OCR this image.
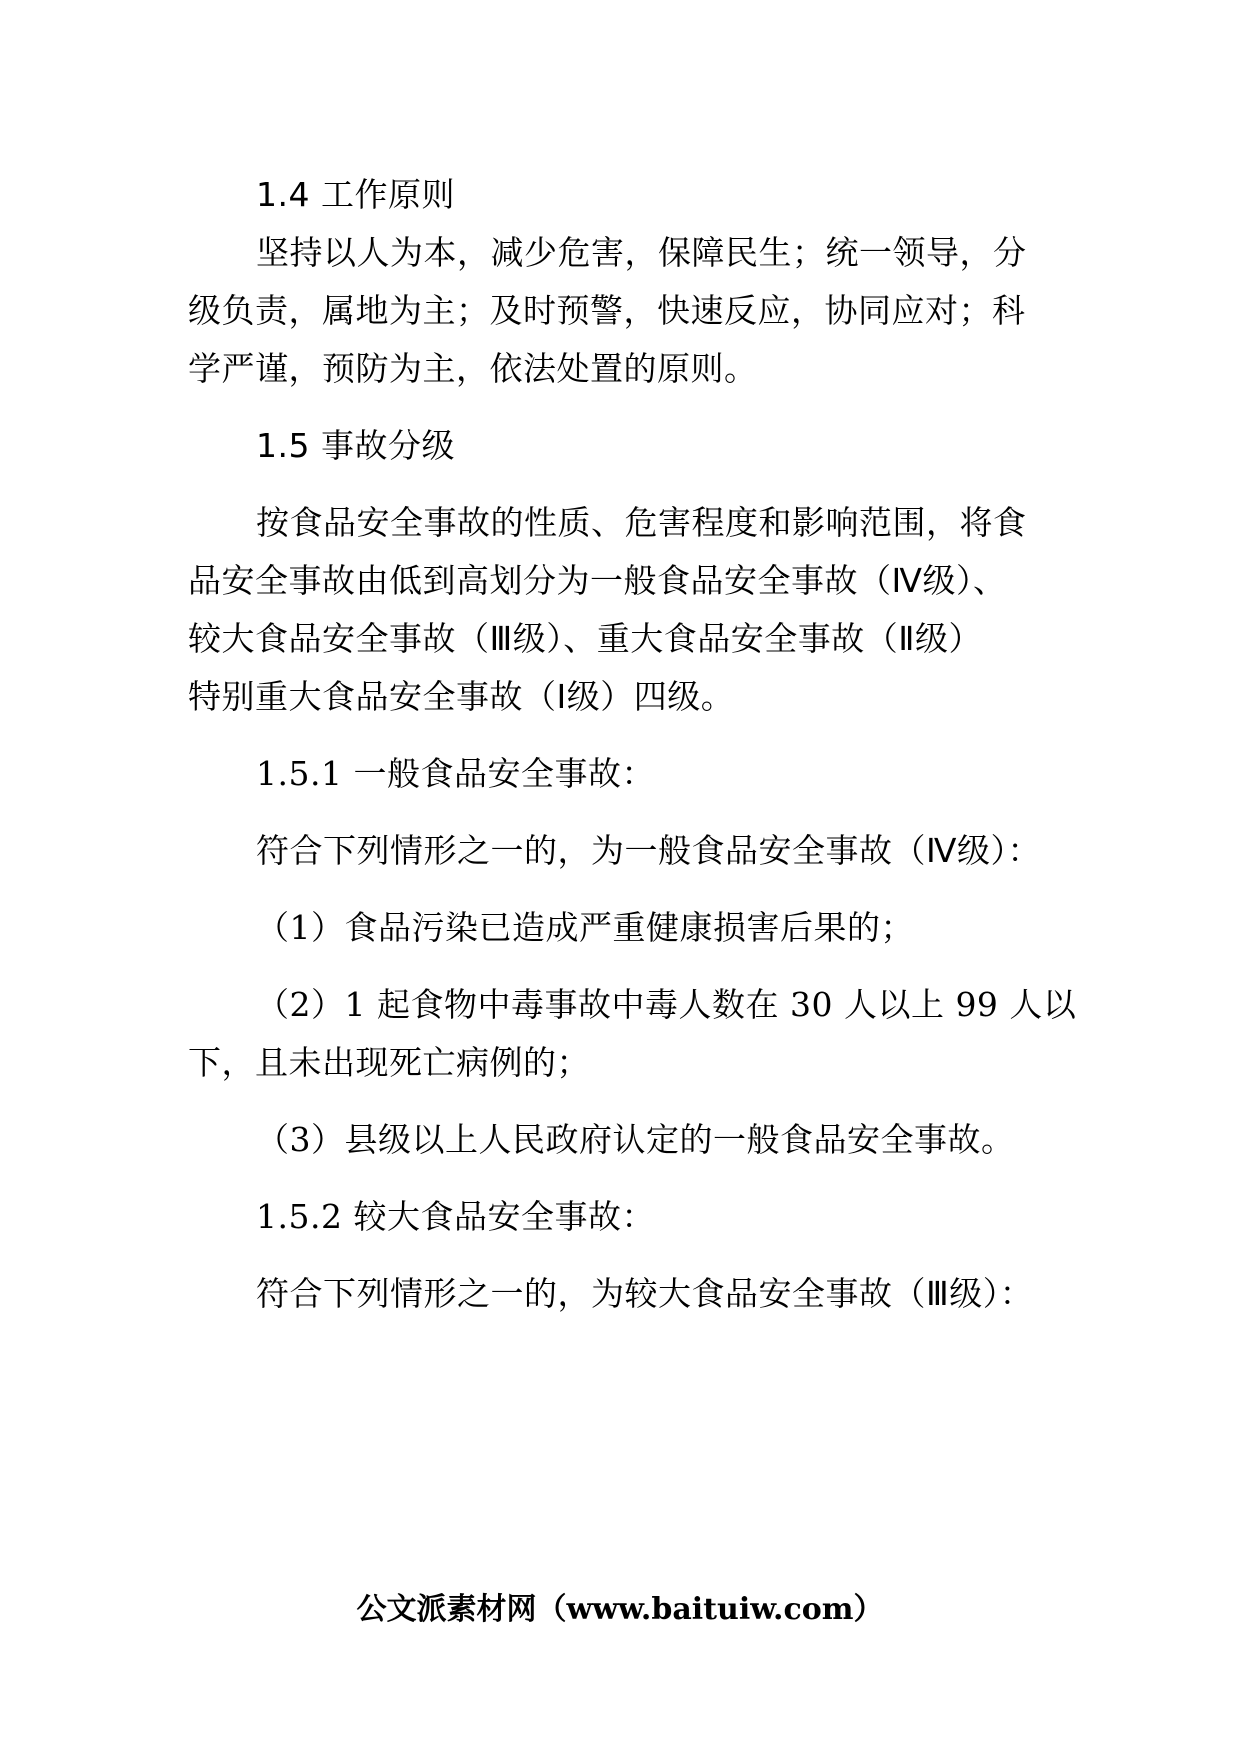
1.4 工作原则
坚持以人为本，减少危害，保障民生；统一领导，分
级负责，属地为主；及时预警，快速反应，协同应对；科
学严谨，预防为主，依法处置的原则。
1.5 事故分级
按食品安全事故的性质、危害程度和影响范围，将食
品安全事故由低到高划分为一般食品安全事故（Ⅳ级）、
较大食品安全事故（Ⅲ级）、重大食品安全事故（Ⅱ级）
特别重大食品安全事故（Ⅰ级）四级。
1.5.1 一般食品安全事故：
符合下列情形之一的，为一般食品安全事故（Ⅳ级）：
（1）食品污染已造成严重健康损害后果的；
（2）1 起食物中毒事故中毒人数在 30 人以上 99 人以
下，且未出现死亡病例的；
（3）县级以上人民政府认定的一般食品安全事故。
1.5.2 较大食品安全事故：
符合下列情形之一的，为较大食品安全事故（Ⅲ级）：
公文派素材网（www.baituiw.com）
